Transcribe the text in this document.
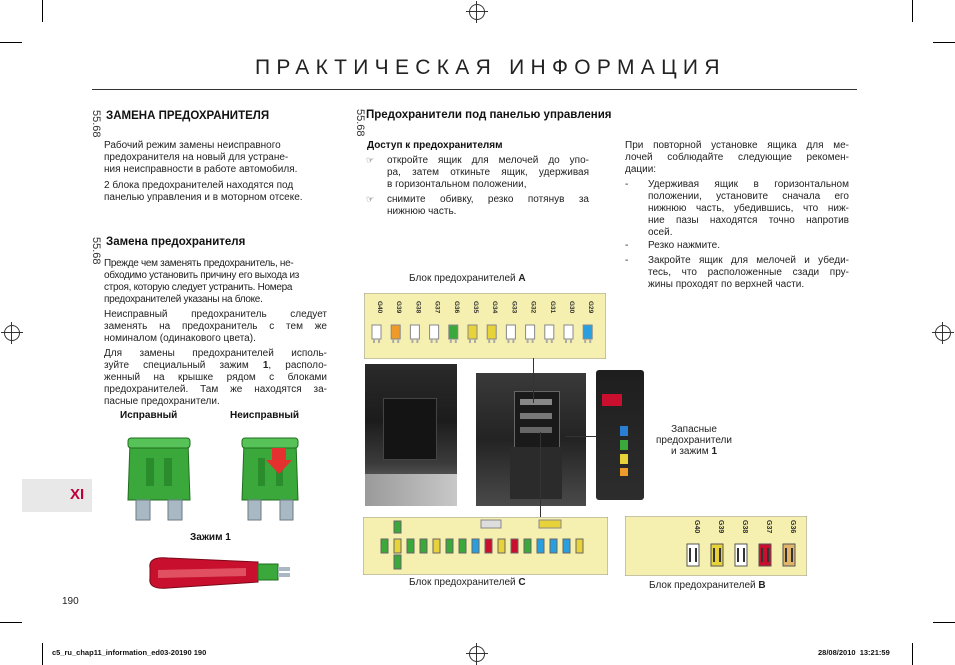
ПРАКТИЧЕСКАЯ ИНФОРМАЦИЯ
XI
55.68 ЗАМЕНА ПРЕДОХРАНИТЕЛЯ
Рабочий режим замены неисправного
предохранителя на новый для устране-
ния неисправности в работе автомобиля.
2 блока предохранителей находятся под
панелью управления и в моторном отсеке.
55.68 Замена предохранителя
Прежде чем заменять предохранитель, не-
обходимо установить причину его выхода из
строя, которую следует устранить. Номера
предохранителей указаны на блоке.
Неисправный предохранитель следует
заменять на предохранитель с тем же
номиналом (одинакового цвета).
Для замены предохранителей исполь-
зуйте специальный зажим 1, располо-
женный на крышке рядом с блоками
предохранителей. Там же находятся за-
пасные предохранители.
Исправный	Неисправный
Зажим 1
190
55.68 Предохранители под панелью управления
Доступ к предохранителям
☞ откройте ящик для мелочей до упо-
ра, затем откиньте ящик, удерживая
в горизонтальном положении,
☞ снимите обивку, резко потянув за
нижнюю часть.
Блок предохранителей A
G40 G39 G38 G37 G36 G35 G34 G33 G32 G31 G30 G29
Запасные
предохранители
и зажим 1
Блок предохранителей C
При повторной установке ящика для ме-
лочей соблюдайте следующие рекомен-
дации:
- Удерживая ящик в горизонтальном
положении, установите сначала его
нижнюю часть, убедившись, что ниж-
ние пазы находятся точно напротив
осей.
- Резко нажмите.
- Закройте ящик для мелочей и убеди-
тесь, что расположенные сзади пру-
жины проходят по верхней части.
G40 G39 G38 G37 G36
Блок предохранителей B
c5_ru_chap11_information_ed03-20190 190	28/08/2010 13:21:59
